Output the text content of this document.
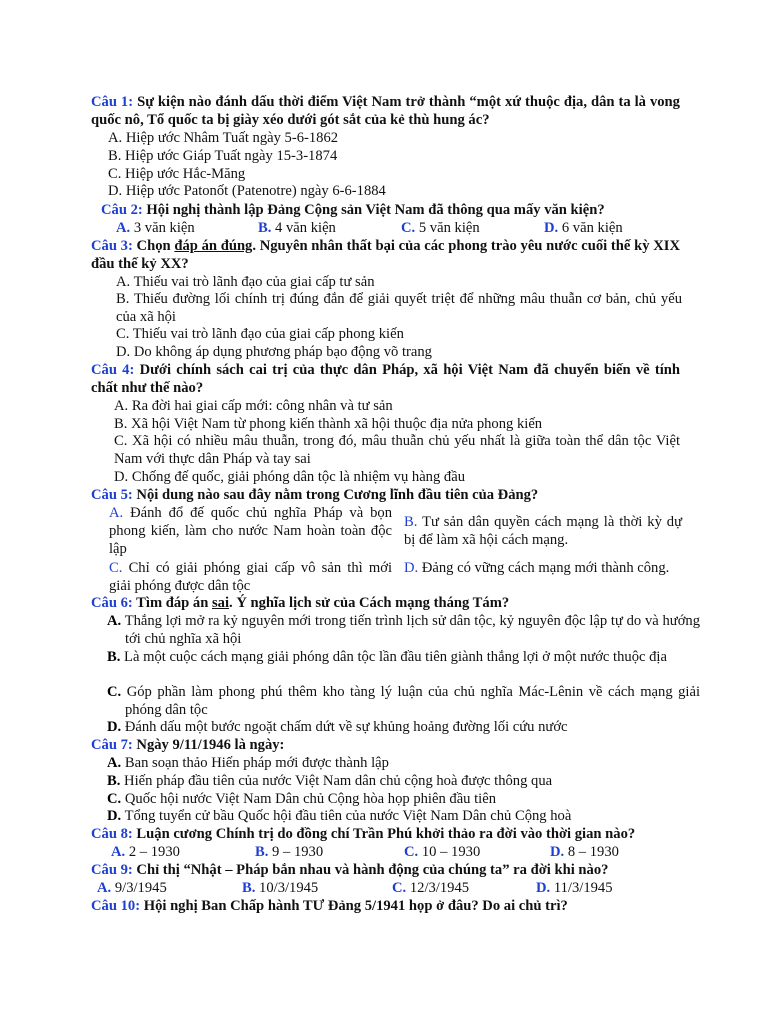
Câu 1: Sự kiện nào đánh dấu thời điểm Việt Nam trở thành “một xứ thuộc địa, dân ta là vong quốc nô, Tổ quốc ta bị giày xéo dưới gót sắt của kẻ thù hung ác?

A. Hiệp ước Nhâm Tuất ngày 5-6-1862
B. Hiệp ước Giáp Tuất ngày 15-3-1874
C. Hiệp ước Hắc-Măng
D. Hiệp ước Patonốt (Patenotre) ngày 6-6-1884
Câu 2: Hội nghị thành lập Đảng Cộng sản Việt Nam đã thông qua mấy văn kiện?
A. 3 văn kiện	B. 4 văn kiện	C. 5 văn kiện	D. 6 văn kiện

Câu 3: Chọn đáp án đúng. Nguyên nhân thất bại của các phong trào yêu nước cuối thế kỳ XIX đầu thế kỷ XX?

A. Thiếu vai trò lãnh đạo của giai cấp tư sản

B. Thiếu đường lối chính trị đúng đắn để giải quyết triệt để những mâu thuẫn cơ bản, chủ yếu của xã hội

C. Thiếu vai trò lãnh đạo của giai cấp phong kiến
D. Do không áp dụng phương pháp bạo động võ trang

Câu 4: Dưới chính sách cai trị của thực dân Pháp, xã hội Việt Nam đã chuyển biến về tính chất như thế nào?

A. Ra đời hai giai cấp mới: công nhân và tư sản
B. Xã hội Việt Nam từ phong kiến thành xã hội thuộc địa nửa phong kiến

C. Xã hội có nhiều mâu thuẫn, trong đó, mâu thuẫn chủ yếu nhất là giữa toàn thể dân tộc Việt Nam với thực dân Pháp và tay sai

D. Chống đế quốc, giải phóng dân tộc là nhiệm vụ hàng đầu
Câu 5: Nội dung nào sau đây nằm trong Cương lĩnh đầu tiên của Đảng?

A. Đánh đổ đế quốc chủ nghĩa Pháp và bọn phong kiến, làm cho nước Nam hoàn toàn độc lập

B. Tư sản dân quyền cách mạng là thời kỳ dự bị để làm xã hội cách mạng.

C. Chỉ có giải phóng giai cấp vô sản thì mới giải phóng được dân tộc

D. Đảng có vững cách mạng mới thành công.
Câu 6: Tìm đáp án sai. Ý nghĩa lịch sử của Cách mạng tháng Tám?

A. Thắng lợi mở ra kỷ nguyên mới trong tiến trình lịch sử dân tộc, kỷ nguyên độc lập tự do và hướng tới chủ nghĩa xã hội

B. Là một cuộc cách mạng giải phóng dân tộc lần đầu tiên giành thắng lợi ở một nước thuộc địa

C. Góp phần làm phong phú thêm kho tàng lý luận của chủ nghĩa Mác-Lênin về cách mạng giải phóng dân tộc

D. Đánh dấu một bước ngoặt chấm dứt về sự khủng hoảng đường lối cứu nước
Câu 7: Ngày 9/11/1946 là ngày:
A. Ban soạn thảo Hiến pháp mới được thành lập
B. Hiến pháp đầu tiên của nước Việt Nam dân chủ cộng hoà được thông qua
C. Quốc hội nước Việt Nam Dân chủ Cộng hòa họp phiên đầu tiên
D. Tổng tuyển cử bầu Quốc hội đầu tiên của nước Việt Nam Dân chủ Cộng hoà
Câu 8: Luận cương Chính trị do đồng chí Trần Phú khởi thảo ra đời vào thời gian nào?
A. 2 – 1930	B. 9 – 1930	C. 10 – 1930	D. 8 – 1930
Câu 9: Chỉ thị “Nhật – Pháp bắn nhau và hành động của chúng ta” ra đời khi nào?
A. 9/3/1945	B. 10/3/1945	C. 12/3/1945	D. 11/3/1945
Câu 10: Hội nghị Ban Chấp hành TƯ Đảng 5/1941 họp ở đâu? Do ai chủ trì?
